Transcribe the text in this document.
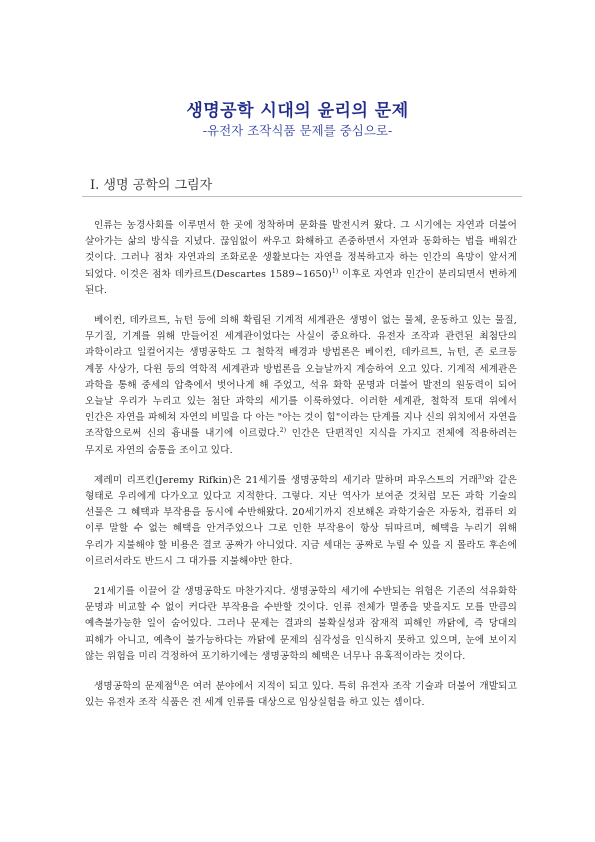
생명공학 시대의 윤리의 문제
-유전자 조작식품 문제를 중심으로-
Ⅰ. 생명 공학의 그림자

인류는 농경사회를 이루면서 한 곳에 정착하며 문화를 발전시켜 왔다. 그 시기에는 자연과 더불어 살아가는 삶의 방식을 지녔다. 끊임없이 싸우고 화해하고 존중하면서 자연과 동화하는 법을 배워간 것이다. 그러나 점차 자연과의 조화로운 생활보다는 자연을 정복하고자 하는 인간의 욕망이 앞서게 되었다. 이것은 점차 데카르트(Descartes 1589~1650)$^{1)}$ 이후로 자연과 인간이 분리되면서 변하게 된다.

베이컨, 데카르트, 뉴턴 등에 의해 확립된 기계적 세계관은 생명이 없는 물체, 운동하고 있는 물질, 무기질, 기계를 위해 만들어진 세계관이었다는 사실이 중요하다. 유전자 조작과 관련된 최첨단의 과학이라고 일컬어지는 생명공학도 그 철학적 배경과 방법론은 베이컨, 데카르트, 뉴턴, 존 로크등 계몽 사상가, 다윈 등의 역학적 세계관과 방법론을 오늘날까지 계승하여 오고 있다. 기계적 세계관은 과학을 통해 중세의 압축에서 벗어나게 해 주었고, 석유 화학 문명과 더불어 발전의 원동력이 되어 오늘날 우리가 누리고 있는 첨단 과학의 세기를 이룩하였다. 이러한 세계관, 철학적 토대 위에서 인간은 자연을 파헤쳐 자연의 비밀을 다 아는 "아는 것이 힘"이라는 단계를 지나 신의 위치에서 자연을 조작함으로써 신의 흉내를 내기에 이르렀다.$^{2)}$ 인간은 단편적인 지식을 가지고 전체에 적용하려는 무지로 자연의 숨통을 조이고 있다.

제레미 리프킨(Jeremy Rifkin)은 21세기를 생명공학의 세기라 말하며 파우스트의 거래$^{3)}$와 같은 형태로 우리에게 다가오고 있다고 지적한다. 그렇다. 지난 역사가 보여준 것처럼 모든 과학 기술의 선물은 그 혜택과 부작용을 동시에 수반해왔다. 20세기까지 진보해온 과학기술은 자동차, 컴퓨터 외 이루 말할 수 없는 혜택을 안겨주었으나 그로 인한 부작용이 항상 뒤따르며, 혜택을 누리기 위해 우리가 지불해야 할 비용은 결코 공짜가 아니었다. 지금 세대는 공짜로 누릴 수 있을 지 몰라도 후손에 이르러서라도 반드시 그 대가를 지불해야만 한다.

21세기를 이끌어 갈 생명공학도 마찬가지다. 생명공학의 세기에 수반되는 위험은 기존의 석유화학 문명과 비교할 수 없이 커다란 부작용을 수반할 것이다. 인류 전체가 멸종을 맞을지도 모를 만큼의 예측불가능한 일이 숨어있다. 그러나 문제는 결과의 불확실성과 잠재적 피해인 까닭에, 즉 당대의 피해가 아니고, 예측이 불가능하다는 까닭에 문제의 심각성을 인식하지 못하고 있으며, 눈에 보이지 않는 위험을 미리 걱정하여 포기하기에는 생명공학의 혜택은 너무나 유혹적이라는 것이다.

생명공학의 문제점$^{4)}$은 여러 분야에서 지적이 되고 있다. 특히 유전자 조작 기술과 더불어 개발되고 있는 유전자 조작 식품은 전 세계 인류를 대상으로 임상실험을 하고 있는 셈이다.
